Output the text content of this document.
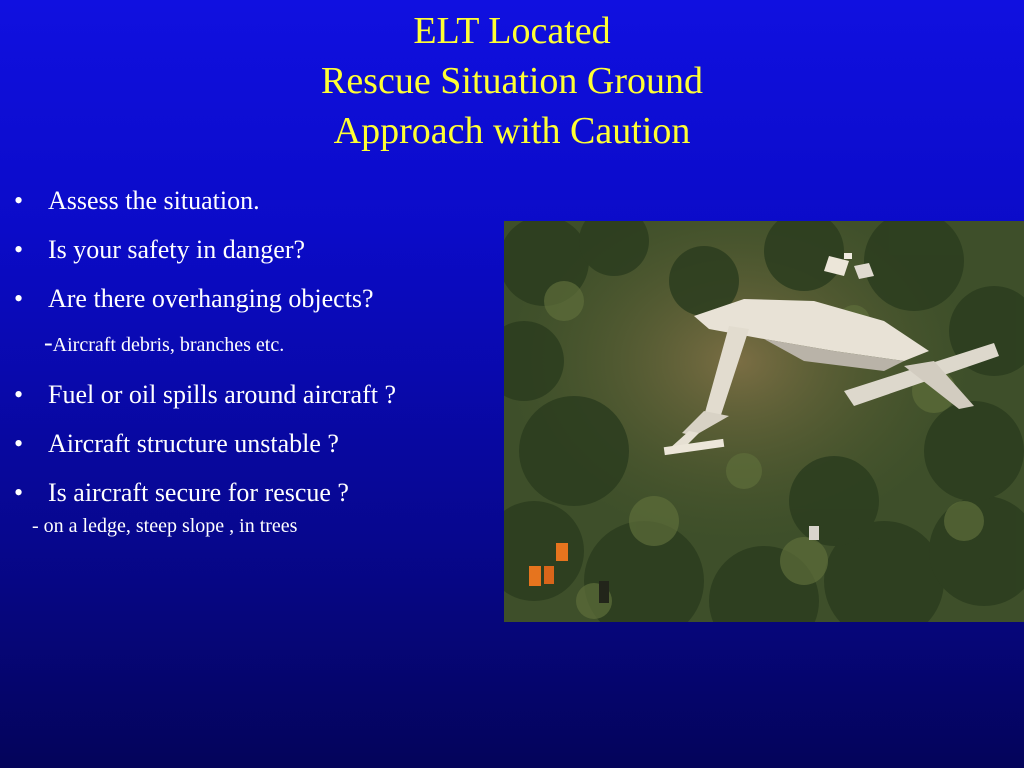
ELT Located
Rescue Situation Ground
Approach with Caution
• Assess the situation.
• Is your safety in danger?
• Are there overhanging objects?
-Aircraft debris, branches etc.
• Fuel or oil spills around aircraft ?
• Aircraft structure unstable ?
• Is aircraft secure for rescue ?
- on a ledge, steep slope , in trees
